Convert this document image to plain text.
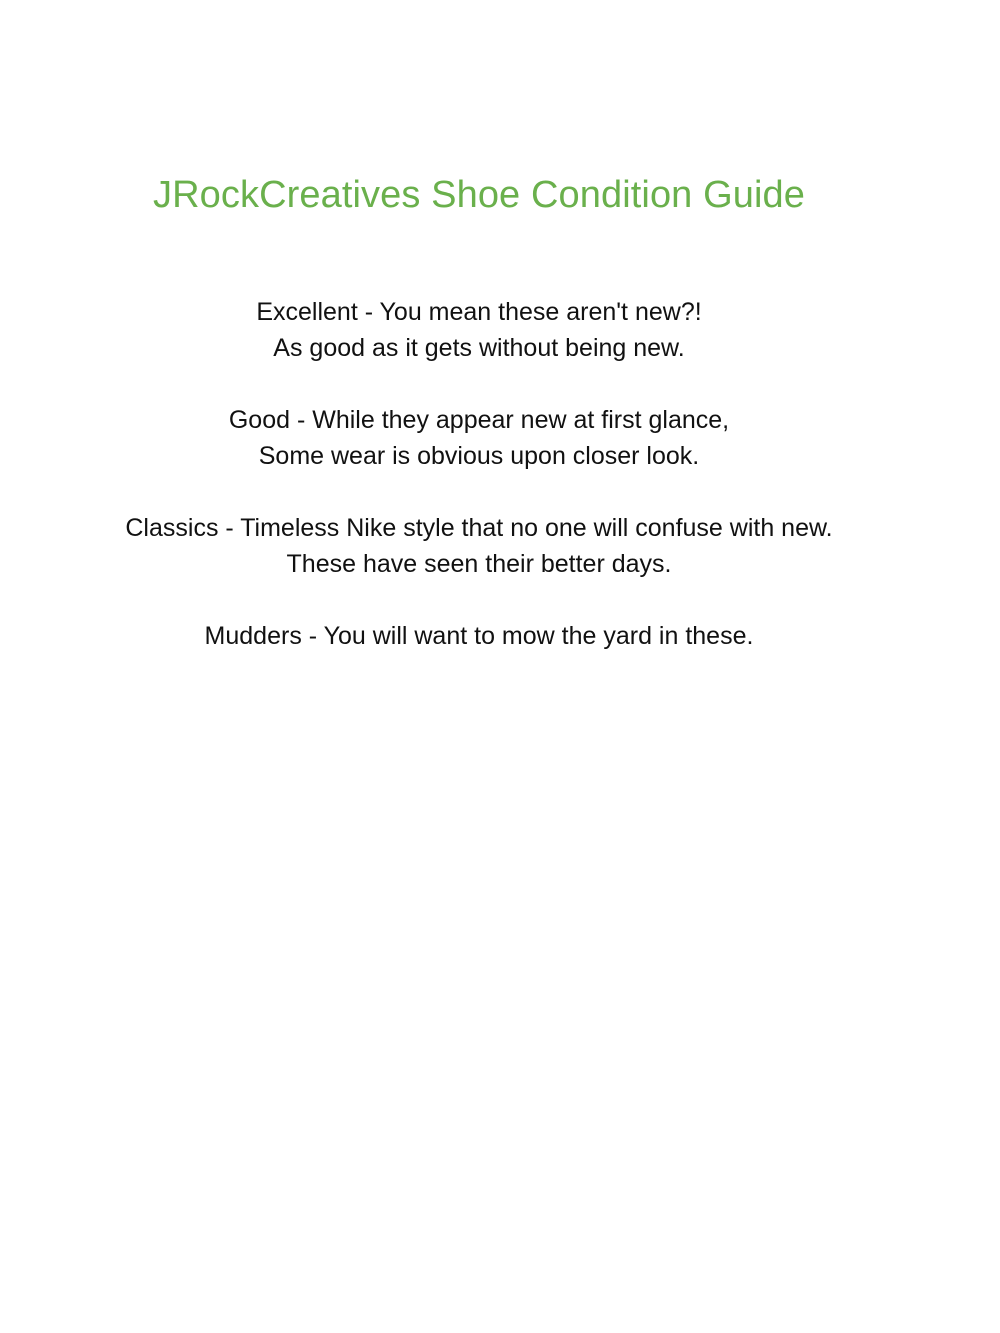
JRockCreatives Shoe Condition Guide
Excellent - You mean these aren't new?!
As good as it gets without being new.
Good - While they appear new at first glance,
Some wear is obvious upon closer look.
Classics - Timeless Nike style that no one will confuse with new.
These have seen their better days.
Mudders - You will want to mow the yard in these.
